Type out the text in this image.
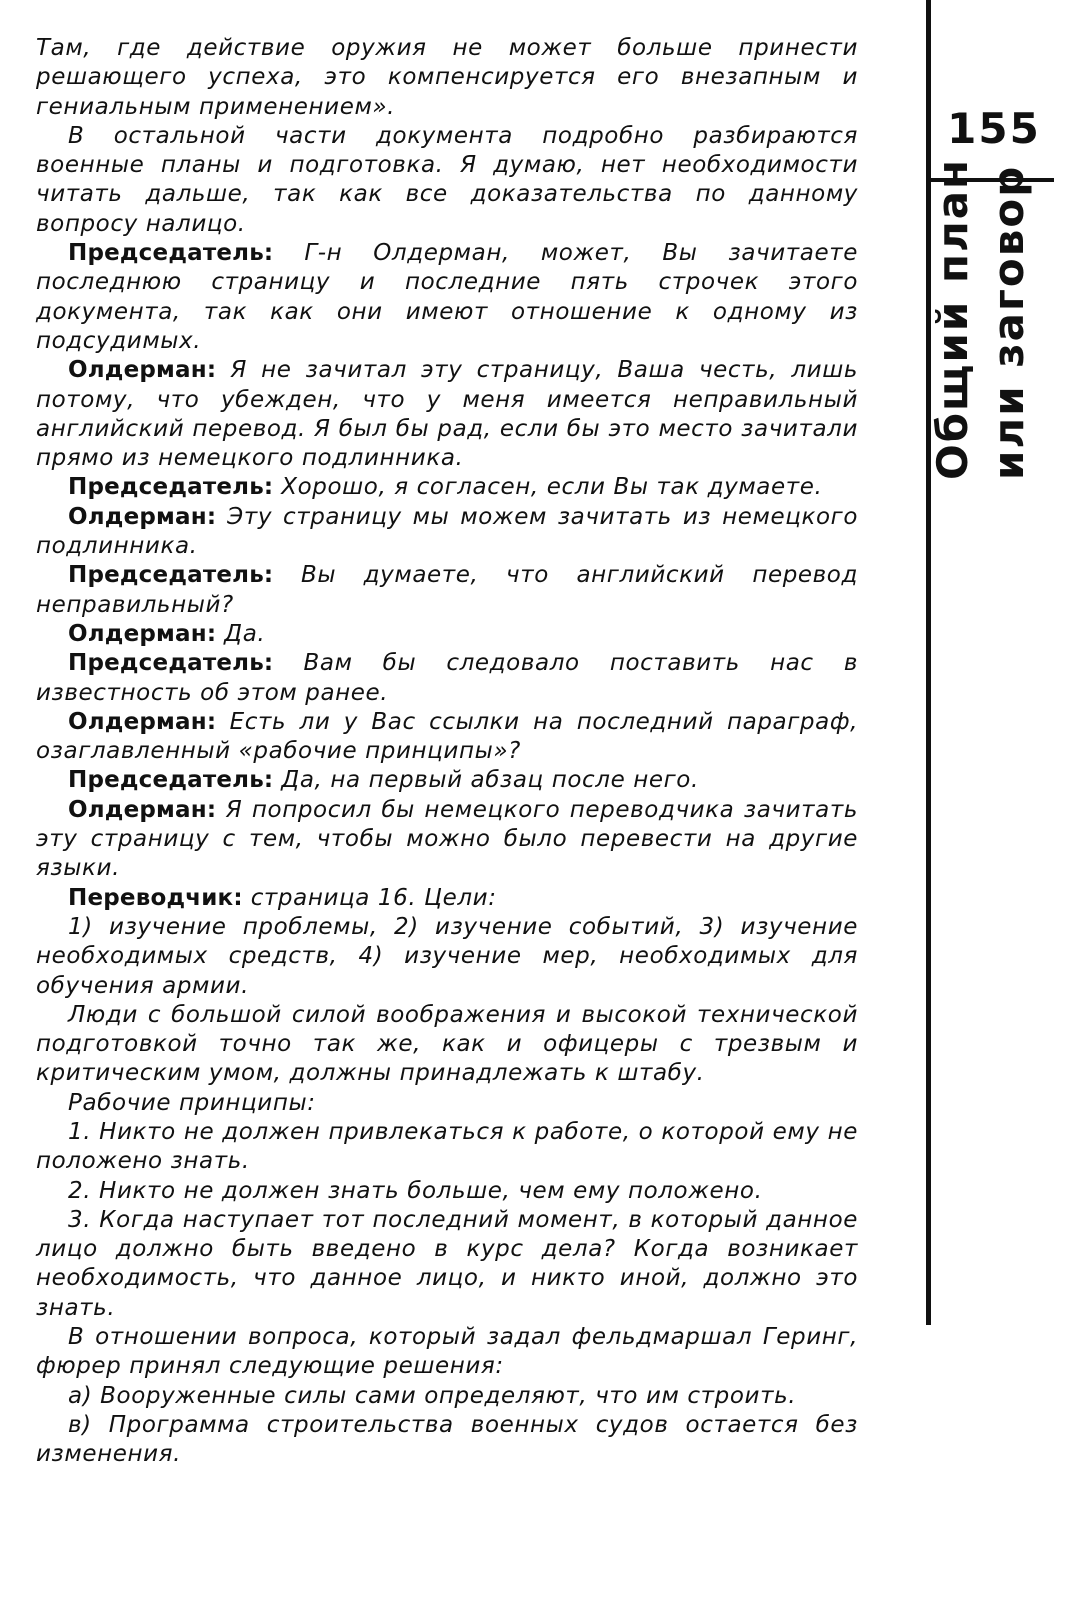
155
Общий план или заговор

Там, где действие оружия не может больше принести решающего успеха, это компенсируется его внезапным и гениальным применением».

В остальной части документа подробно разбираются военные планы и подготовка. Я думаю, нет необходимости читать дальше, так как все доказательства по данному вопросу налицо.

Председатель: Г-н Олдерман, может, Вы зачитаете последнюю страницу и последние пять строчек этого документа, так как они имеют отношение к одному из подсудимых.

Олдерман: Я не зачитал эту страницу, Ваша честь, лишь потому, что убежден, что у меня имеется неправильный английский перевод. Я был бы рад, если бы это место зачитали прямо из немецкого подлинника.

Председатель: Хорошо, я согласен, если Вы так думаете.

Олдерман: Эту страницу мы можем зачитать из немецкого подлинника.

Председатель: Вы думаете, что английский перевод неправильный?

Олдерман: Да.

Председатель: Вам бы следовало поставить нас в известность об этом ранее.

Олдерман: Есть ли у Вас ссылки на последний параграф, озаглавленный «рабочие принципы»?

Председатель: Да, на первый абзац после него.

Олдерман: Я попросил бы немецкого переводчика зачитать эту страницу с тем, чтобы можно было перевести на другие языки.

Переводчик: страница 16. Цели:

1) изучение проблемы, 2) изучение событий, 3) изучение необходимых средств, 4) изучение мер, необходимых для обучения армии.

Люди с большой силой воображения и высокой технической подготовкой точно так же, как и офицеры с трезвым и критическим умом, должны принадлежать к штабу.

Рабочие принципы:

1. Никто не должен привлекаться к работе, о которой ему не положено знать.

2. Никто не должен знать больше, чем ему положено.

3. Когда наступает тот последний момент, в который данное лицо должно быть введено в курс дела? Когда возникает необходимость, что данное лицо, и никто иной, должно это знать.

В отношении вопроса, который задал фельдмаршал Геринг, фюрер принял следующие решения:

а) Вооруженные силы сами определяют, что им строить.

в) Программа строительства военных судов остается без изменения.
